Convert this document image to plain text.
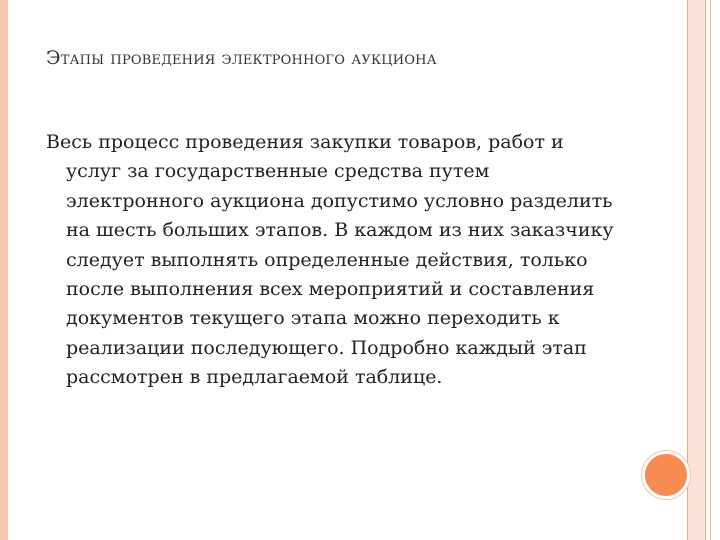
Этапы проведения электронного аукциона
Весь процесс проведения закупки товаров, работ и услуг за государственные средства путем электронного аукциона допустимо условно разделить на шесть больших этапов. В каждом из них заказчику следует выполнять определенные действия, только после выполнения всех мероприятий и составления документов текущего этапа можно переходить к реализации последующего. Подробно каждый этап рассмотрен в предлагаемой таблице.
